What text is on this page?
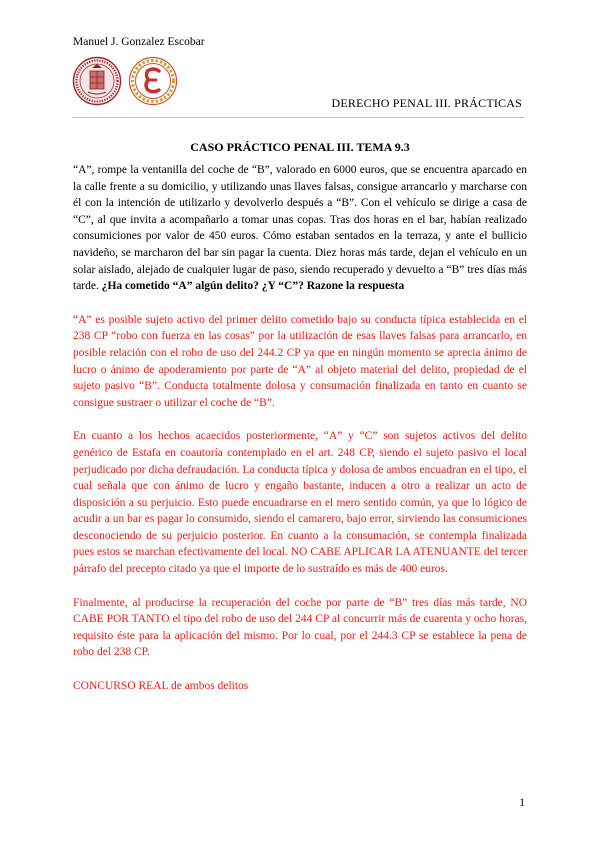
Manuel J. Gonzalez Escobar
DERECHO PENAL III. PRÁCTICAS
CASO PRÁCTICO PENAL III. TEMA 9.3

“A”, rompe la ventanilla del coche de “B”, valorado en 6000 euros, que se encuentra aparcado en la calle frente a su domicilio, y utilizando unas llaves falsas, consigue arrancarlo y marcharse con él con la intención de utilizarlo y devolverlo después a “B”. Con el vehículo se dirige a casa de “C”, al que invita a acompañarlo a tomar unas copas. Tras dos horas en el bar, habían realizado consumiciones por valor de 450 euros. Cómo estaban sentados en la terraza, y ante el bullicio navideño, se marcharon del bar sin pagar la cuenta. Diez horas más tarde, dejan el vehículo en un solar aislado, alejado de cualquier lugar de paso, siendo recuperado y devuelto a “B” tres días más tarde. ¿Ha cometido “A” algún delito? ¿Y “C”? Razone la respuesta

“A” es posible sujeto activo del primer delito cometido bajo su conducta típica establecida en el 238 CP “robo con fuerza en las cosas” por la utilización de esas llaves falsas para arrancarlo, en posible relación con el robo de uso del 244.2 CP ya que en ningún momento se aprecia ánimo de lucro o ánimo de apoderamiento por parte de “A” al objeto material del delito, propiedad de el sujeto pasivo “B”. Conducta totalmente dolosa y consumación finalizada en tanto en cuanto se consigue sustraer o utilizar el coche de “B”.

En cuanto a los hechos acaecidos posteriormente, “A” y “C” son sujetos activos del delito genérico de Estafa en coautoría contemplado en el art. 248 CP, siendo el sujeto pasivo el local perjudicado por dicha defraudación. La conducta típica y dolosa de ambos encuadran en el tipo, el cual señala que con ánimo de lucro y engaño bastante, inducen a otro a realizar un acto de disposición a su perjuicio. Esto puede encuadrarse en el mero sentido común, ya que lo lógico de acudir a un bar es pagar lo consumido, siendo el camarero, bajo error, sirviendo las consumiciones desconociendo de su perjuicio posterior. En cuanto a la consumación, se contempla finalizada pues estos se marchan efectivamente del local. NO CABE APLICAR LA ATENUANTE del tercer párrafo del precepto citado ya que el importe de lo sustraído es más de 400 euros.

Finalmente, al producirse la recuperación del coche por parte de “B” tres días más tarde, NO CABE POR TANTO el tipo del robo de uso del 244 CP al concurrir más de cuarenta y ocho horas, requisito éste para la aplicación del mismo. Por lo cual, por el 244.3 CP se establece la pena de robo del 238 CP.

CONCURSO REAL de ambos delitos

1
